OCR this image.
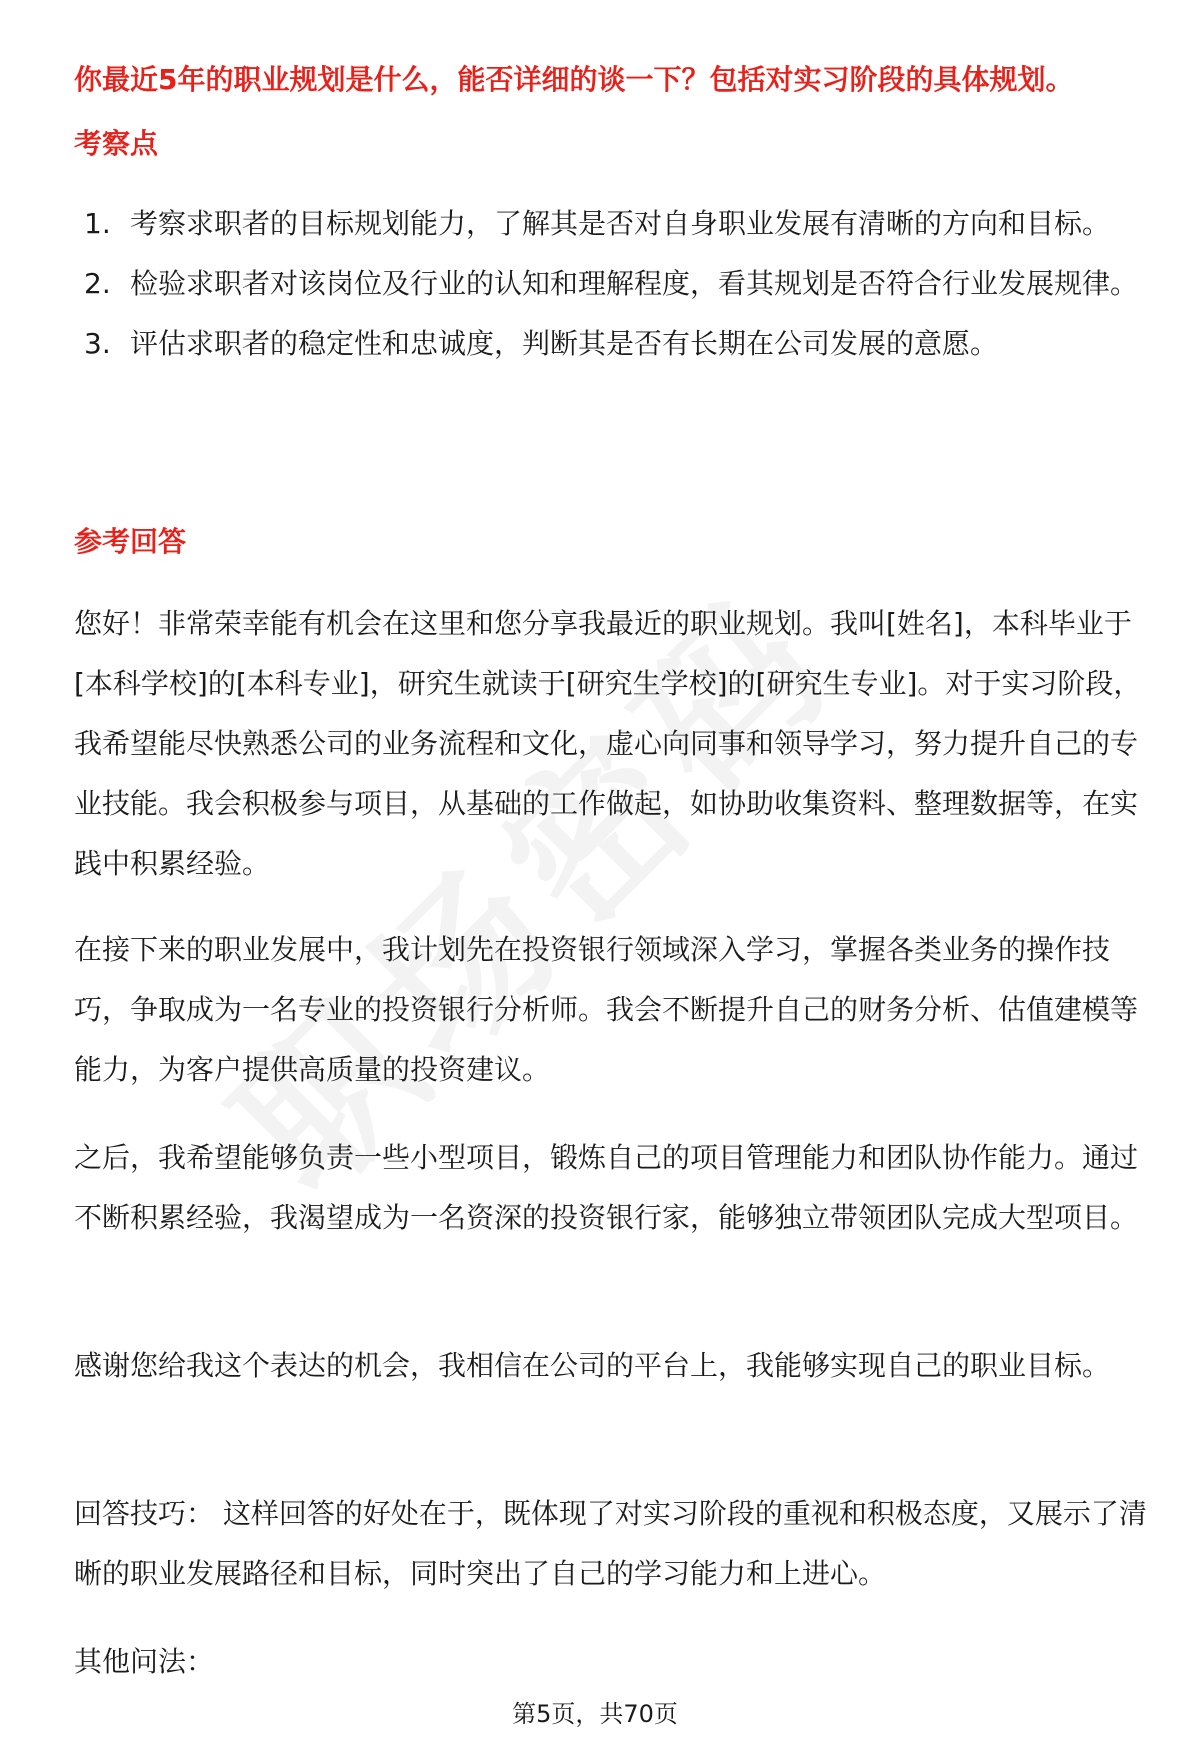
你最近5年的职业规划是什么，能否详细的谈一下？包括对实习阶段的具体规划。
考察点
1. 考察求职者的目标规划能力，了解其是否对自身职业发展有清晰的方向和目标。
2. 检验求职者对该岗位及行业的认知和理解程度，看其规划是否符合行业发展规律。
3. 评估求职者的稳定性和忠诚度，判断其是否有长期在公司发展的意愿。
参考回答

您好！非常荣幸能有机会在这里和您分享我最近的职业规划。我叫[姓名]，本科毕业于[本科学校]的[本科专业]，研究生就读于[研究生学校]的[研究生专业]。对于实习阶段，我希望能尽快熟悉公司的业务流程和文化，虚心向同事和领导学习，努力提升自己的专业技能。我会积极参与项目，从基础的工作做起，如协助收集资料、整理数据等，在实践中积累经验。

在接下来的职业发展中，我计划先在投资银行领域深入学习，掌握各类业务的操作技巧，争取成为一名专业的投资银行分析师。我会不断提升自己的财务分析、估值建模等能力，为客户提供高质量的投资建议。

之后，我希望能够负责一些小型项目，锻炼自己的项目管理能力和团队协作能力。通过不断积累经验，我渴望成为一名资深的投资银行家，能够独立带领团队完成大型项目。

感谢您给我这个表达的机会，我相信在公司的平台上，我能够实现自己的职业目标。

回答技巧： 这样回答的好处在于，既体现了对实习阶段的重视和积极态度，又展示了清晰的职业发展路径和目标，同时突出了自己的学习能力和上进心。

其他问法：

第5页，共70页
